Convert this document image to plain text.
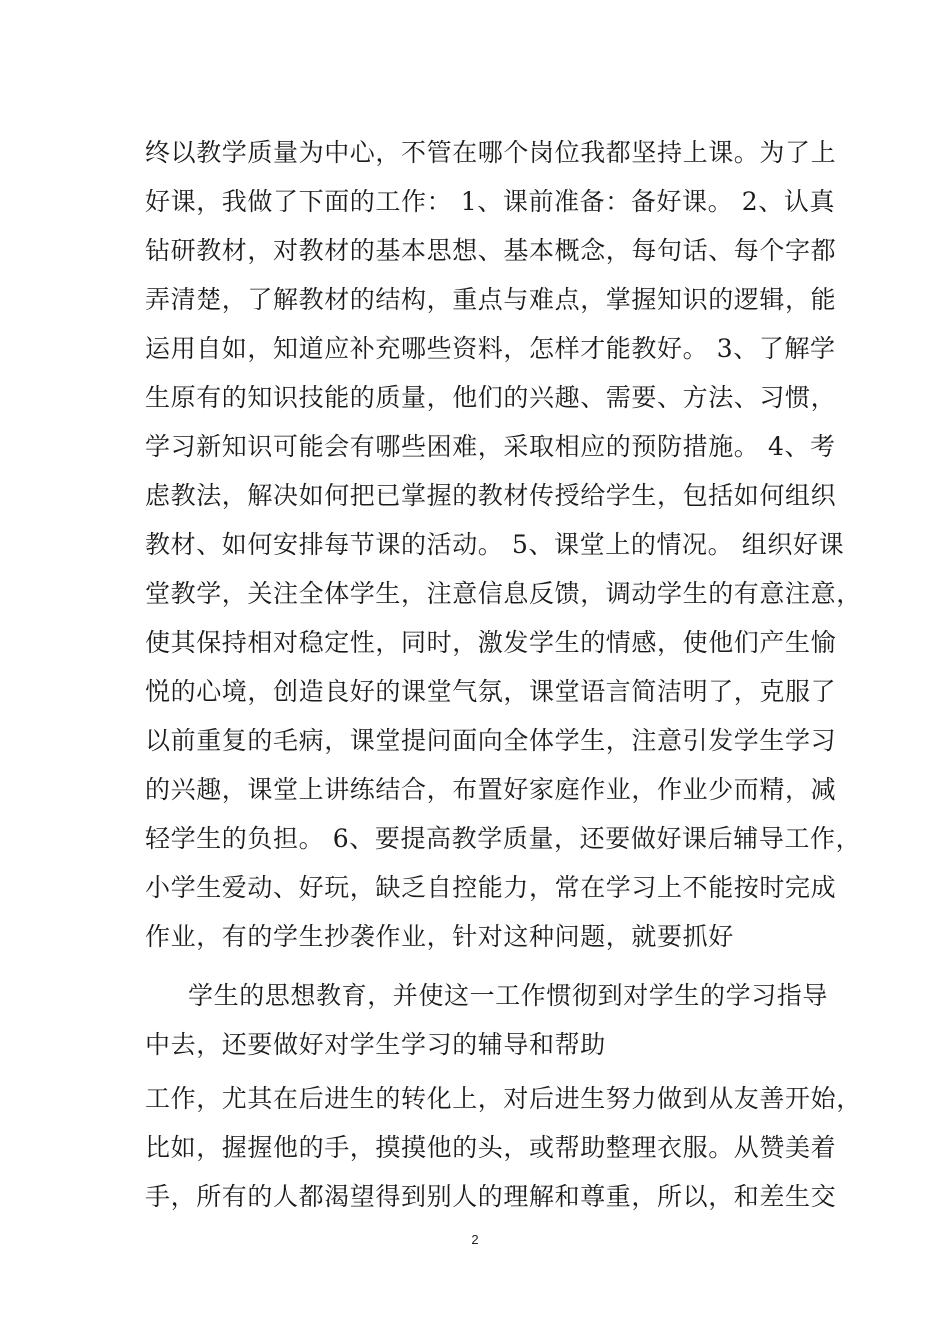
终以教学质量为中心，不管在哪个岗位我都坚持上课。为了上
好课，我做了下面的工作： 1、课前准备：备好课。 2、认真
钻研教材，对教材的基本思想、基本概念，每句话、每个字都
弄清楚，了解教材的结构，重点与难点，掌握知识的逻辑，能
运用自如，知道应补充哪些资料，怎样才能教好。 3、了解学
生原有的知识技能的质量，他们的兴趣、需要、方法、习惯，
学习新知识可能会有哪些困难，采取相应的预防措施。 4、考
虑教法，解决如何把已掌握的教材传授给学生，包括如何组织
教材、如何安排每节课的活动。 5、课堂上的情况。 组织好课
堂教学，关注全体学生，注意信息反馈，调动学生的有意注意，
使其保持相对稳定性，同时，激发学生的情感，使他们产生愉
悦的心境，创造良好的课堂气氛，课堂语言简洁明了，克服了
以前重复的毛病，课堂提问面向全体学生，注意引发学生学习
的兴趣，课堂上讲练结合，布置好家庭作业，作业少而精，减
轻学生的负担。 6、要提高教学质量，还要做好课后辅导工作，
小学生爱动、好玩，缺乏自控能力，常在学习上不能按时完成
作业，有的学生抄袭作业，针对这种问题，就要抓好
学生的思想教育，并使这一工作惯彻到对学生的学习指导
中去，还要做好对学生学习的辅导和帮助
工作，尤其在后进生的转化上，对后进生努力做到从友善开始，
比如，握握他的手，摸摸他的头，或帮助整理衣服。从赞美着
手，所有的人都渴望得到别人的理解和尊重，所以，和差生交
2
